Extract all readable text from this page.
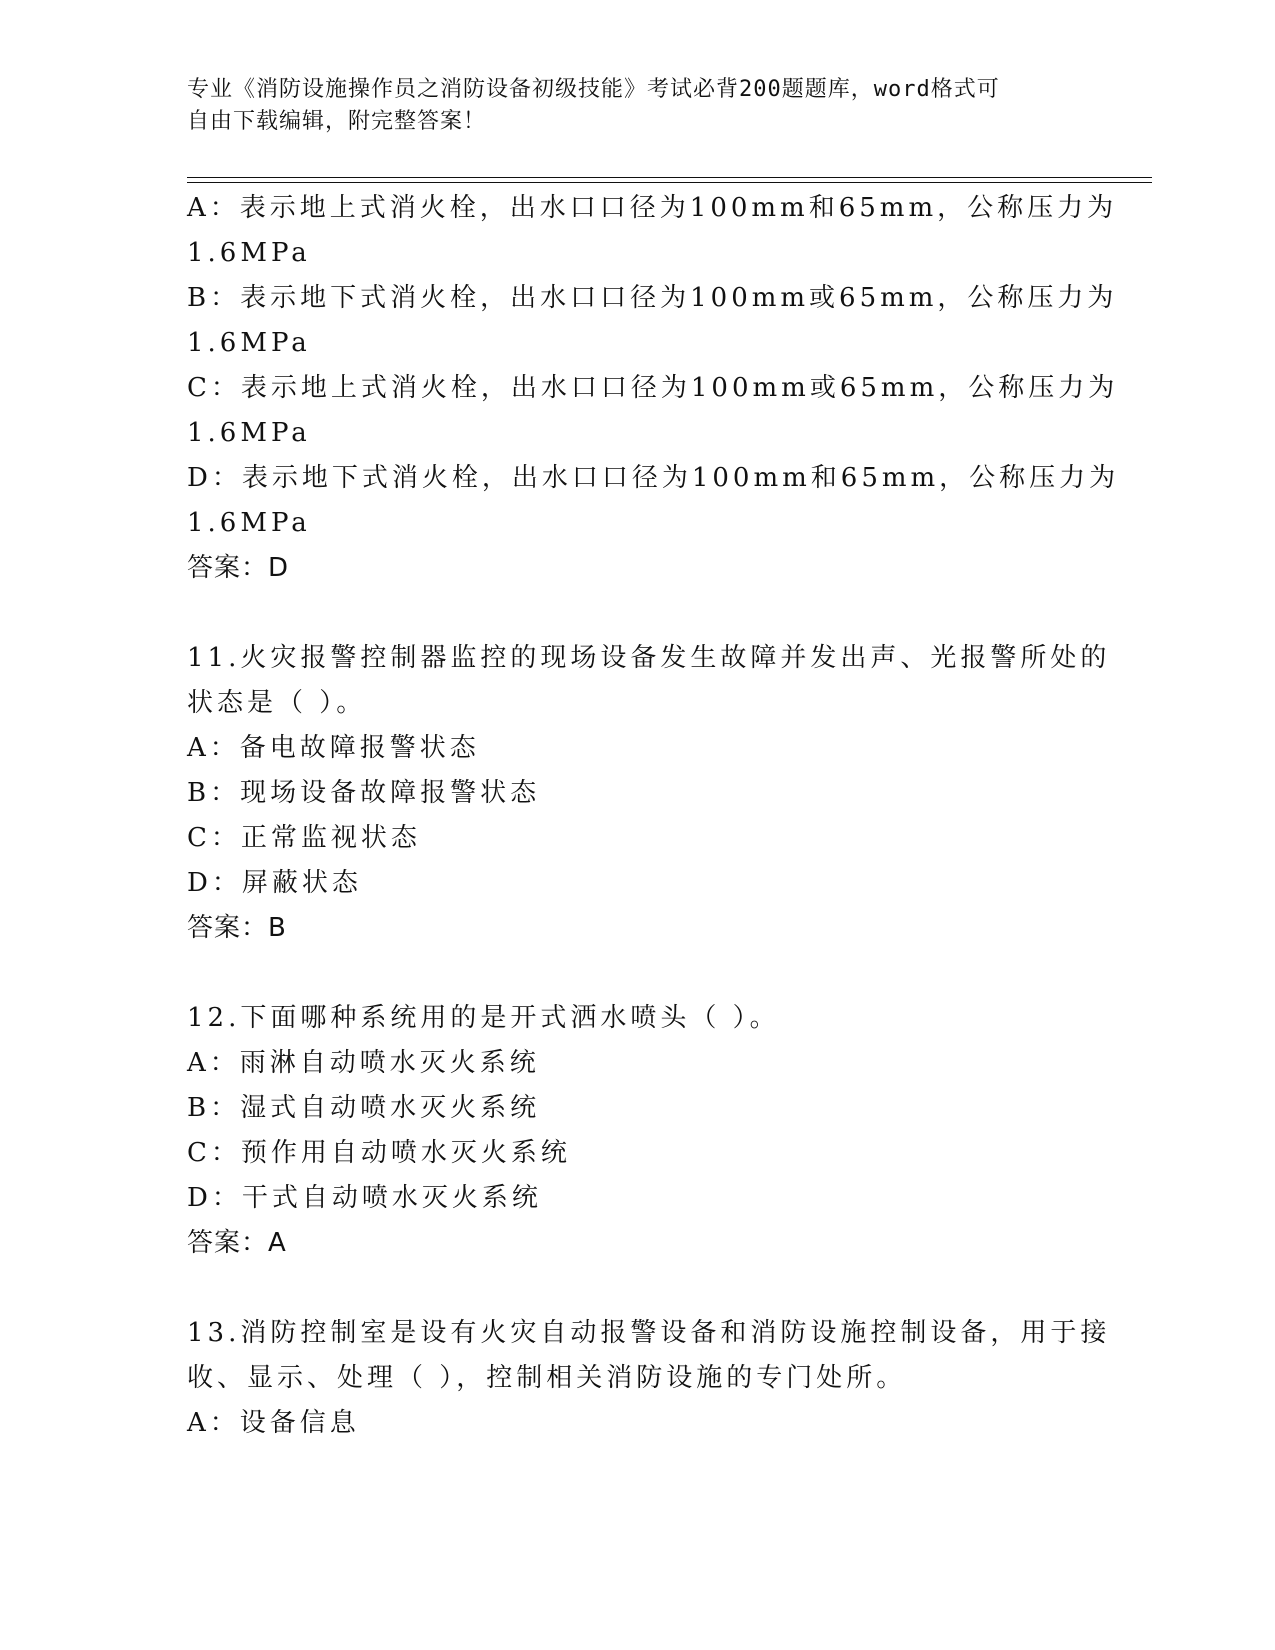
专业《消防设施操作员之消防设备初级技能》考试必背200题题库，word格式可
自由下载编辑，附完整答案！
A：表示地上式消火栓，出水口口径为100mm和65mm，公称压力为
1.6MPa
B：表示地下式消火栓，出水口口径为100mm或65mm，公称压力为
1.6MPa
C：表示地上式消火栓，出水口口径为100mm或65mm，公称压力为
1.6MPa
D：表示地下式消火栓，出水口口径为100mm和65mm，公称压力为
1.6MPa
答案：D
11.火灾报警控制器监控的现场设备发生故障并发出声、光报警所处的
状态是（ ）。
A：备电故障报警状态
B：现场设备故障报警状态
C：正常监视状态
D：屏蔽状态
答案：B
12.下面哪种系统用的是开式洒水喷头（ ）。
A：雨淋自动喷水灭火系统
B：湿式自动喷水灭火系统
C：预作用自动喷水灭火系统
D：干式自动喷水灭火系统
答案：A
13.消防控制室是设有火灾自动报警设备和消防设施控制设备，用于接
收、显示、处理（ ），控制相关消防设施的专门处所。
A：设备信息
